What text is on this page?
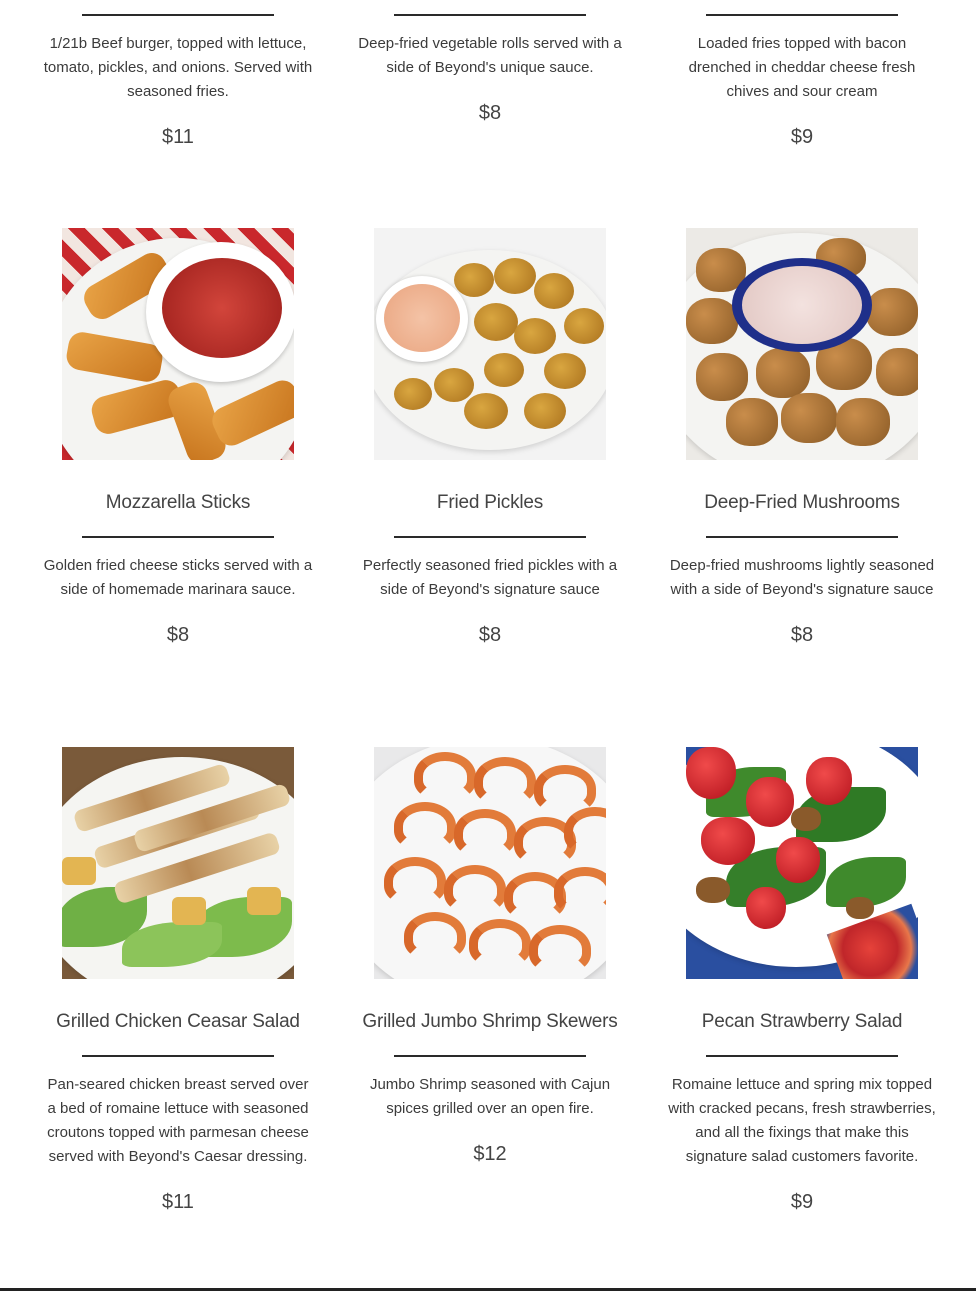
1/21b Beef burger, topped with lettuce, tomato, pickles, and onions. Served with seasoned fries.
$11
Deep-fried vegetable rolls served with a side of Beyond's unique sauce.
$8
Loaded fries topped with bacon drenched in cheddar cheese fresh chives and sour cream
$9
Mozzarella Sticks
Golden fried cheese sticks served with a side of homemade marinara sauce.
$8
Fried Pickles
Perfectly seasoned fried pickles with a side of Beyond's signature sauce
$8
Deep-Fried Mushrooms
Deep-fried mushrooms lightly seasoned with a side of Beyond's signature sauce
$8
Grilled Chicken Ceasar Salad
Pan-seared chicken breast served over a bed of romaine lettuce with seasoned croutons topped with parmesan cheese served with Beyond's Caesar dressing.
$11
Grilled Jumbo Shrimp Skewers
Jumbo Shrimp seasoned with Cajun spices grilled over an open fire.
$12
Pecan Strawberry Salad
Romaine lettuce and spring mix topped with cracked pecans, fresh strawberries, and all the fixings that make this signature salad customers favorite.
$9
